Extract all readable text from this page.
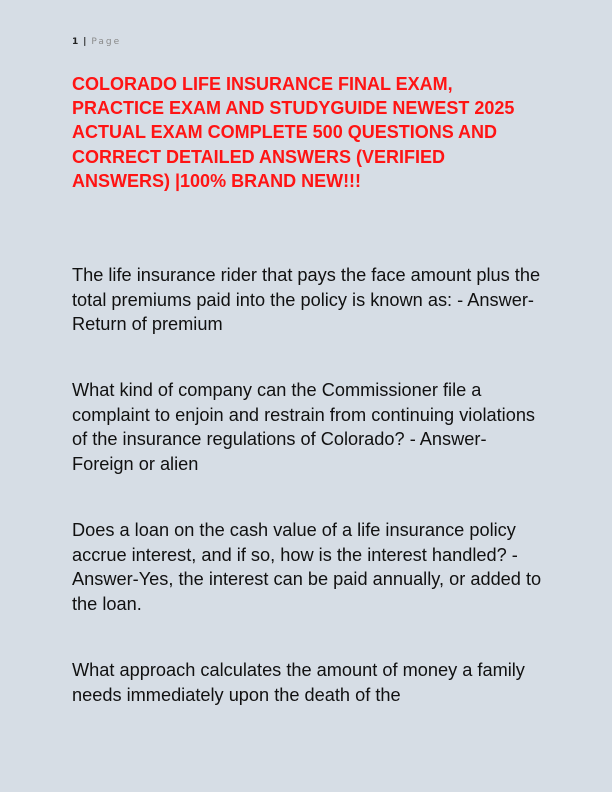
1 | Page
COLORADO LIFE INSURANCE FINAL EXAM, PRACTICE EXAM AND STUDYGUIDE NEWEST 2025 ACTUAL EXAM COMPLETE 500 QUESTIONS AND CORRECT DETAILED ANSWERS (VERIFIED ANSWERS) |100% BRAND NEW!!!

The life insurance rider that pays the face amount plus the total premiums paid into the policy is known as: - Answer-Return of premium

What kind of company can the Commissioner file a complaint to enjoin and restrain from continuing violations of the insurance regulations of Colorado? - Answer-Foreign or alien

Does a loan on the cash value of a life insurance policy accrue interest, and if so, how is the interest handled? - Answer-Yes, the interest can be paid annually, or added to the loan.

What approach calculates the amount of money a family needs immediately upon the death of the
